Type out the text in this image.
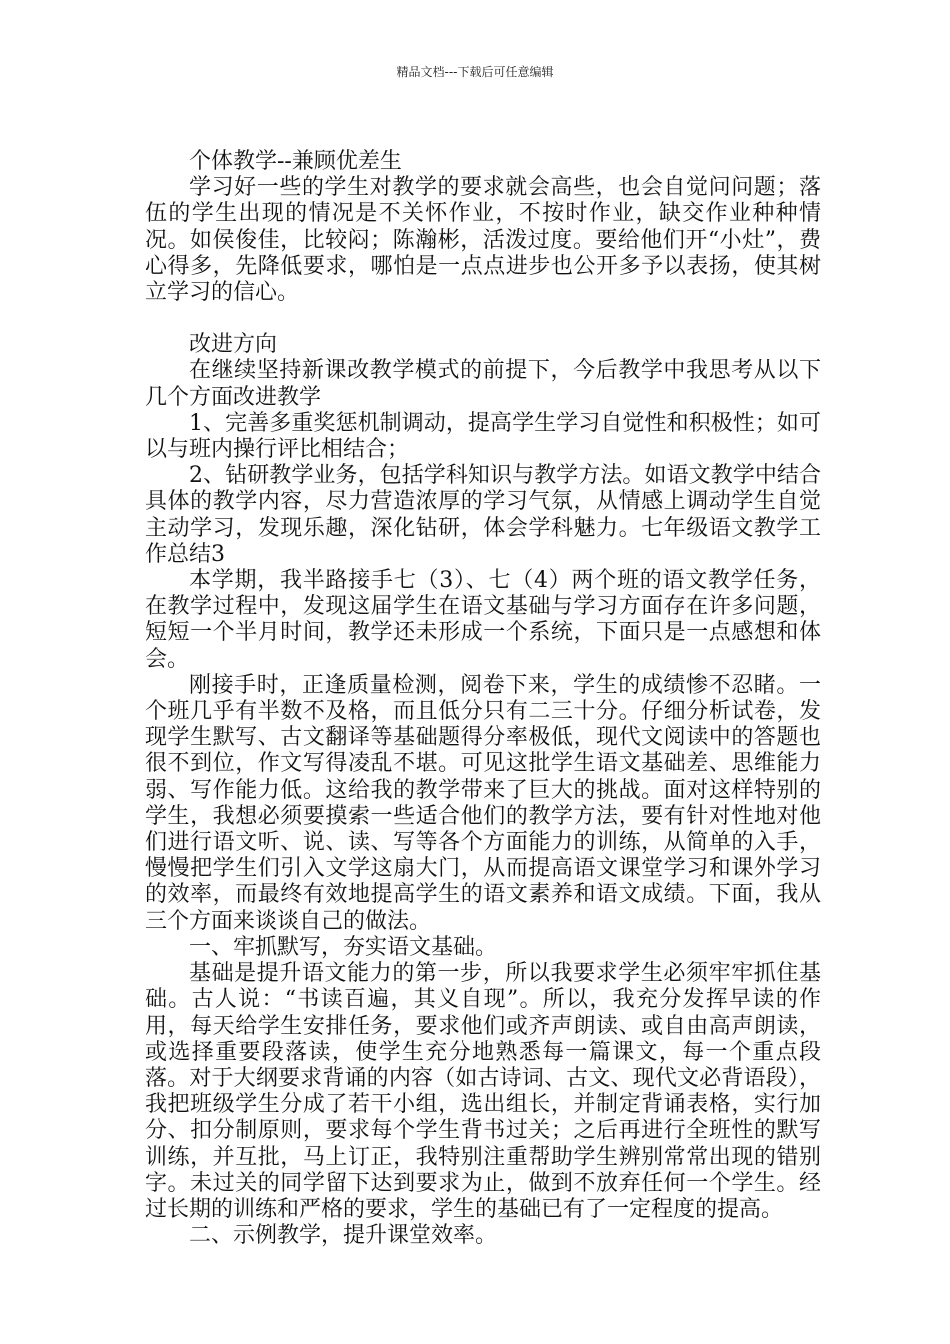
精品文档---下载后可任意编辑

个体教学--兼顾优差生

学习好一些的学生对教学的要求就会高些，也会自觉问问题；落伍的学生出现的情况是不关怀作业，不按时作业，缺交作业种种情况。如侯俊佳，比较闷；陈瀚彬，活泼过度。要给他们开“小灶”，费心得多，先降低要求，哪怕是一点点进步也公开多予以表扬，使其树立学习的信心。

改进方向

在继续坚持新课改教学模式的前提下，今后教学中我思考从以下几个方面改进教学

1、完善多重奖惩机制调动，提高学生学习自觉性和积极性；如可以与班内操行评比相结合；

2、钻研教学业务，包括学科知识与教学方法。如语文教学中结合具体的教学内容，尽力营造浓厚的学习气氛，从情感上调动学生自觉主动学习，发现乐趣，深化钻研，体会学科魅力。七年级语文教学工作总结3

本学期，我半路接手七（3）、七（4）两个班的语文教学任务，在教学过程中，发现这届学生在语文基础与学习方面存在许多问题，短短一个半月时间，教学还未形成一个系统，下面只是一点感想和体会。

刚接手时，正逢质量检测，阅卷下来，学生的成绩惨不忍睹。一个班几乎有半数不及格，而且低分只有二三十分。仔细分析试卷，发现学生默写、古文翻译等基础题得分率极低，现代文阅读中的答题也很不到位，作文写得凌乱不堪。可见这批学生语文基础差、思维能力弱、写作能力低。这给我的教学带来了巨大的挑战。面对这样特别的学生，我想必须要摸索一些适合他们的教学方法，要有针对性地对他们进行语文听、说、读、写等各个方面能力的训练，从简单的入手，慢慢把学生们引入文学这扇大门，从而提高语文课堂学习和课外学习的效率，而最终有效地提高学生的语文素养和语文成绩。下面，我从三个方面来谈谈自己的做法。

一、牢抓默写，夯实语文基础。

基础是提升语文能力的第一步，所以我要求学生必须牢牢抓住基础。古人说：“书读百遍，其义自现”。所以，我充分发挥早读的作用，每天给学生安排任务，要求他们或齐声朗读、或自由高声朗读，或选择重要段落读，使学生充分地熟悉每一篇课文，每一个重点段落。对于大纲要求背诵的内容（如古诗词、古文、现代文必背语段），我把班级学生分成了若干小组，选出组长，并制定背诵表格，实行加分、扣分制原则，要求每个学生背书过关；之后再进行全班性的默写训练，并互批，马上订正，我特别注重帮助学生辨别常常出现的错别字。未过关的同学留下达到要求为止，做到不放弃任何一个学生。经过长期的训练和严格的要求，学生的基础已有了一定程度的提高。

二、示例教学，提升课堂效率。
